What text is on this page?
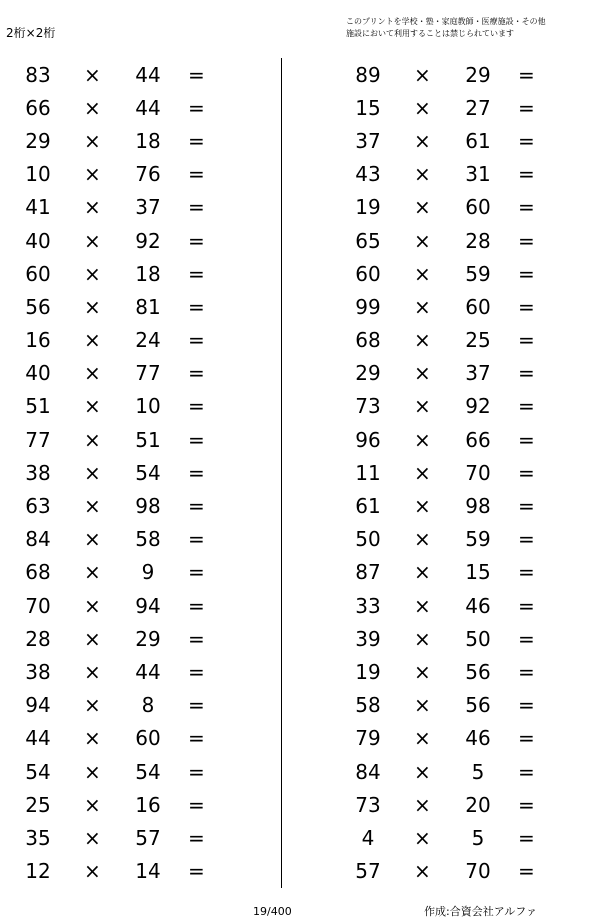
2桁×2桁
このプリントを学校・塾・家庭教師・医療施設・その他
施設において利用することは禁じられています
83	×	44	=
66	×	44	=
29	×	18	=
10	×	76	=
41	×	37	=
40	×	92	=
60	×	18	=
56	×	81	=
16	×	24	=
40	×	77	=
51	×	10	=
77	×	51	=
38	×	54	=
63	×	98	=
84	×	58	=
68	×	9	=
70	×	94	=
28	×	29	=
38	×	44	=
94	×	8	=
44	×	60	=
54	×	54	=
25	×	16	=
35	×	57	=
12	×	14	=
89	×	29	=
15	×	27	=
37	×	61	=
43	×	31	=
19	×	60	=
65	×	28	=
60	×	59	=
99	×	60	=
68	×	25	=
29	×	37	=
73	×	92	=
96	×	66	=
11	×	70	=
61	×	98	=
50	×	59	=
87	×	15	=
33	×	46	=
39	×	50	=
19	×	56	=
58	×	56	=
79	×	46	=
84	×	5	=
73	×	20	=
4	×	5	=
57	×	70	=
19/400	作成:合資会社アルファ
